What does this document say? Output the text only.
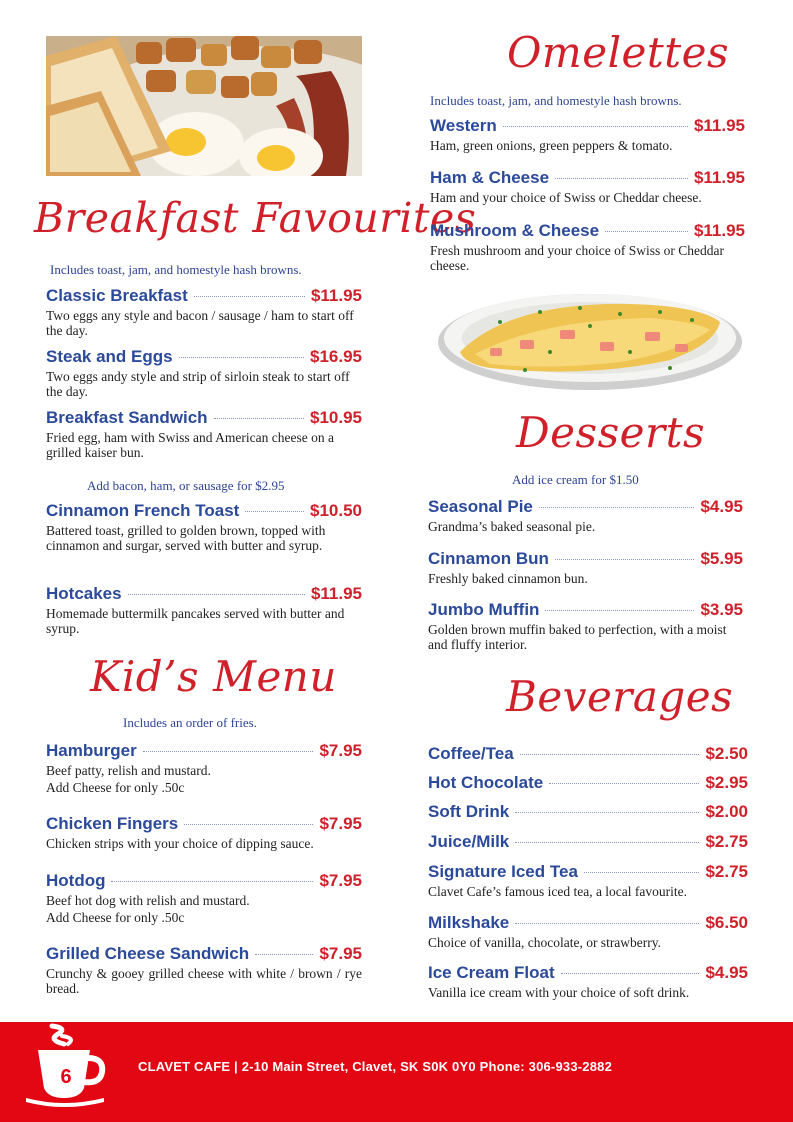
Breakfast Favourites
Includes toast, jam, and homestyle hash browns.
Classic Breakfast	$11.95
Two eggs any style and bacon / sausage / ham to start off the day.
Steak and Eggs	$16.95
Two eggs andy style and strip of sirloin steak to start off the day.
Breakfast Sandwich	$10.95
Fried egg, ham with Swiss and American cheese on a grilled kaiser bun.
Add bacon, ham, or sausage for $2.95
Cinnamon French Toast	$10.50
Battered toast, grilled to golden brown, topped with cinnamon and surgar, served with butter and syrup.
Hotcakes	$11.95
Homemade buttermilk pancakes served with butter and syrup.
Kid’s Menu
Includes an order of fries.
Hamburger	$7.95
Beef patty, relish and mustard.
Add Cheese for only .50c
Chicken Fingers	$7.95
Chicken strips with your choice of dipping sauce.
Hotdog	$7.95
Beef hot dog with relish and mustard.
Add Cheese for only .50c
Grilled Cheese Sandwich	$7.95
Crunchy & gooey grilled cheese with white / brown / rye bread.
Omelettes
Includes toast, jam, and homestyle hash browns.
Western	$11.95
Ham, green onions, green peppers & tomato.
Ham & Cheese	$11.95
Ham and your choice of Swiss or Cheddar cheese.
Mushroom & Cheese	$11.95
Fresh mushroom and your choice of Swiss or Cheddar cheese.
Desserts
Add ice cream for $1.50
Seasonal Pie	$4.95
Grandma’s baked seasonal pie.
Cinnamon Bun	$5.95
Freshly baked cinnamon bun.
Jumbo Muffin	$3.95
Golden brown muffin baked to perfection, with a moist and fluffy interior.
Beverages
Coffee/Tea	$2.50
Hot Chocolate	$2.95
Soft Drink	$2.00
Juice/Milk	$2.75
Signature Iced Tea	$2.75
Clavet Cafe’s famous iced tea, a local favourite.
Milkshake	$6.50
Choice of vanilla, chocolate, or strawberry.
Ice Cream Float	$4.95
Vanilla ice cream with your choice of soft drink.
6	CLAVET CAFE | 2-10 Main Street, Clavet, SK S0K 0Y0 Phone: 306-933-2882
